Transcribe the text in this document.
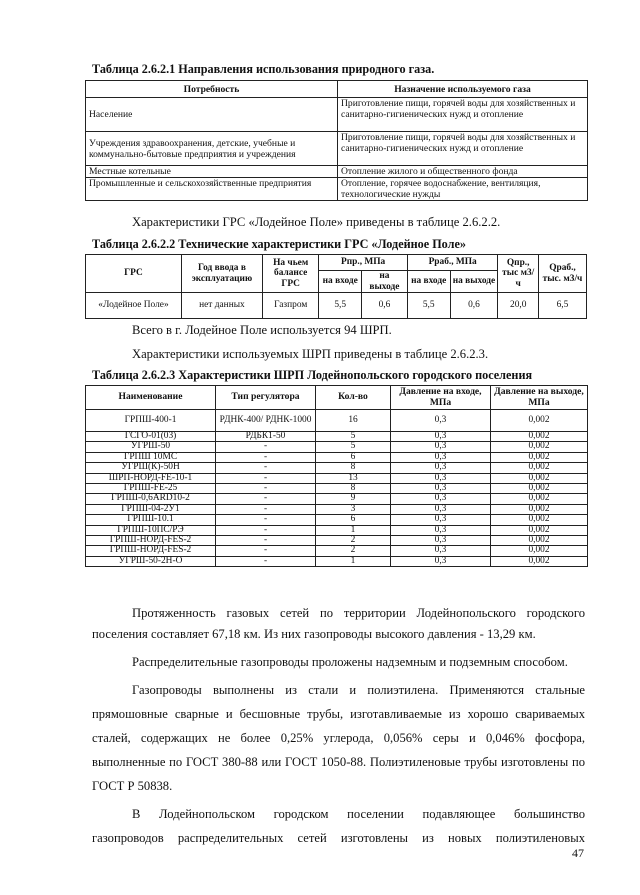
Таблица 2.6.2.1 Направления использования природного газа.
Потребность	Назначение используемого газа
Население	Приготовление пищи, горячей воды для хозяйственных и санитарно-гигиенических нужд и отопление
Учреждения здравоохранения, детские, учебные и коммунально-бытовые предприятия и учреждения	Приготовление пищи, горячей воды для хозяйственных и санитарно-гигиенических нужд и отопление
Местные котельные	Отопление жилого и общественного фонда
Промышленные и сельскохозяйственные предприятия	Отопление, горячее водоснабжение, вентиляция, технологические нужды
Характеристики ГРС «Лодейное Поле» приведены в таблице 2.6.2.2.
Таблица 2.6.2.2 Технические характеристики ГРС «Лодейное Поле»
ГРС	Год ввода в эксплуатацию	На чьем балансе ГРС	Рпр., МПа		Рраб., МПа		Qпр., тыс м3/ч	Qраб., тыс. м3/ч
			на входе	на выходе	на входе	на выходе		
«Лодейное Поле»	нет данных	Газпром	5,5	0,6	5,5	0,6	20,0	6,5
Всего в г. Лодейное Поле используется 94 ШРП.
Характеристики используемых ШРП приведены в таблице 2.6.2.3.
Таблица 2.6.2.3 Характеристики ШРП Лодейнопольского городского поселения
Наименование	Тип регулятора	Кол-во	Давление на входе, МПа	Давление на выходе, МПа
ГРПШ-400-1	РДНК-400/ РДНК-1000	16	0,3	0,002
ГСГО-01(03)	РДБК1-50	5	0,3	0,002
УГРШ-50	-	5	0,3	0,002
ГРПШ 10МС	-	6	0,3	0,002
УГРШ(К)-50Н	-	8	0,3	0,002
ШРП-НОРД-FE-10-1	-	13	0,3	0,002
ГРПШ-FE-25	-	8	0,3	0,002
ГРПШ-0,6ARD10-2	-	9	0,3	0,002
ГРПШ-04-2У1	-	3	0,3	0,002
ГРПШ-10.1	-	6	0,3	0,002
ГРПШ-10ПС/РЭ	-	1	0,3	0,002
ГРПШ-НОРД-FES-2	-	2	0,3	0,002
ГРПШ-НОРД-FES-2	-	2	0,3	0,002
УГРШ-50-2Н-О	-	1	0,3	0,002
Протяженность газовых сетей по территории Лодейнопольского городского
поселения составляет 67,18 км. Из них газопроводы высокого давления - 13,29 км.
Распределительные газопроводы проложены надземным и подземным способом.
Газопроводы выполнены из стали и полиэтилена. Применяются стальные
прямошовные сварные и бесшовные трубы, изготавливаемые из хорошо свариваемых
сталей, содержащих не более 0,25% углерода, 0,056% серы и 0,046% фосфора,
выполненные по ГОСТ 380-88 или ГОСТ 1050-88. Полиэтиленовые трубы изготовлены по
ГОСТ Р 50838.
В Лодейнопольском городском поселении подавляющее большинство
газопроводов распределительных сетей изготовлены из новых полиэтиленовых
47
